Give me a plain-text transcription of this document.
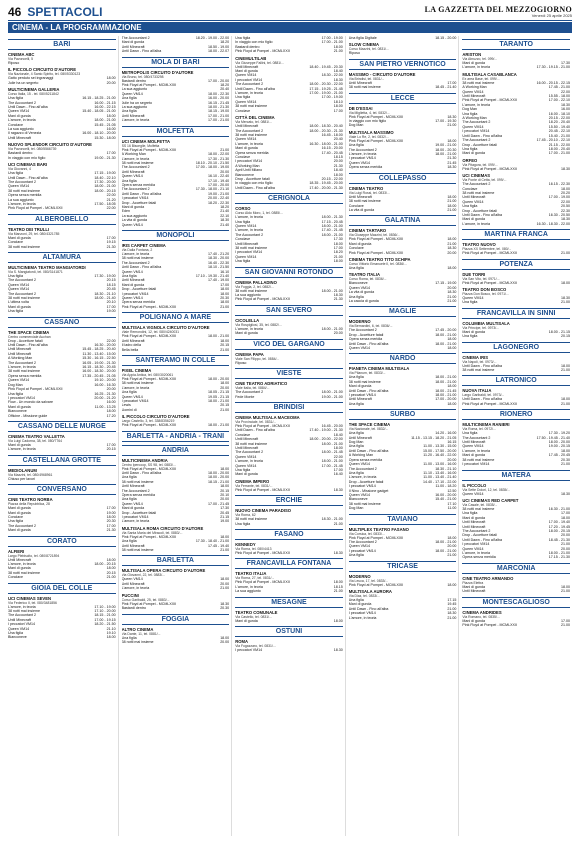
46 SPETTACOLI	LA GAZZETTA DEL MEZZOGIORNO
Venerdì 25 aprile 2025
CINEMA - LA PROGRAMMAZIONE
BARI
CINEMA ABC
Via Pavoncelli, 5
Riposo
IL PICCOLO CIRCUITO D'AUTORE
Via Nazionale, 4 Santo Spirito, tel. 080/5330123
Gatto perduto sei ingranaggi	18.00
Julie ha un segreto	20.00
MULTICINEMA GALLERIA
Corso Italia, 15 - tel. 080/5211842
Una figlia	16.15 - 18.25 - 21.00
The Accountant 2	16.00 - 21.15
Until Dawn - Fino all'alba	16.00 - 22.15
Queen VM14	15.40 - 18.05 - 21.00
Mani di gunda	18.00
L'amore, in teoria	18.00 - 21.00
Conclave	15.45 - 21.05
La sua aggiunto	16.00
Il ragazzo di Venezia	16.00 - 18.10 - 20.00
Until Minecraft	15.30 - 18.00
NUOVO SPLENDOR CIRCUITO D'AUTORE
Via Pavoncelli, tel. 080/5566739
Bastardi dentro	17.00
In viaggio con mio figlio	19.00 - 21.30
UCI CINEMAS BARI
Via Giovanni, 4
Una figlia	17.15 - 19.00
Until Dawn - Fino all'alba	18.40 - 22.10
The Accountant 2	17.30 - 20.00
Queen VM14	18.00 - 21.00
38 notti mai insieme	18.00 - 20.15
Opera senza meridia	22.00
La sua aggiunto	21.20
L'amore, in teoria	17.50 - 18.05
Pink Floyd at Pompei - MCMLXXII	22.00
ALBEROBELLO
TEATRO DEI TRULLI
Via Manzoni, 29, tel. 080/4321785
Mani di gunda	17.00
Conclave	19.15
38 notti mai insieme	21.30
ALTAMURA
MULTICINEMA TEATRO MANGIATORDI
Via S. Mangiatordi, tel. 080/3141871
Una figlia	17.30 - 19.00
The Accountant 2	20.15
Queen VM14	18.15
Queen VM14	20.45
The Accountant 2	18.30 - 21.10
38 notti mai insieme	18.00 - 21.40
L'ultima volta	20.10
Mani di gunda	17.00
Una figlia	19.00
CASSANO
THE SPACE CINEMA
Centro commerciale Auchan
Drop - Accetture fatali	22.00
Until Dawn - Fino all'alba	16.30 - 20.00
Until Minecraft	15.45 - 18.25 - 20.40
Until Minecraft	11.30 - 13.40 - 15.00
A Working Man	15.30 - 16.15 - 22.50
The Accountant 2	16.05 - 19.00 - 21.30
L'amore, in teoria	16.15 - 18.30 - 20.45
38 notti mai insieme	16.00 - 18.30 - 20.00
Opera senza meridia	17.35 - 20.45 - 21.05
Queen VM14	19.10 - 20.00
Dog Man	16.00 - 16.30
Pink Floyd at Pompei - MCMLXXII	20.00
Una figlia	16.25 - 21.30
I peccatori VM14	20.00 - 21.20
Flow - Un mondo da salvare	16.00
Mani di gunda	11.00 - 13.25
Bianconeve	18.00
Officine - Missione guide	17.20
CASSANO DELLE MURGE
CINEMA TEATRO VALLETTA
Via Luigi Cadorna, 38, tel. 080/7764
Mani di gunda	17.00
L'amore, in teoria	20.15
CASTELLANA GROTTE
MEDIOLANUM
Via Mazzini, tel. 080/4968961
Chiuso per lavori
CONVERSANO
CINE TEATRO NORBA
Piazza della Repubblica, 28
Mani di gunda	17.00
Mani di gunda	19.00
Conclave	18.00
Una figlia	20.30
The Accountant 2	17.00
Mani di gunda	21.30
CORATO
ALFIERI
Largo Plebiscito, tel. 080/8721894
Until Minecraft	18.00
L'amore, in teoria	18.00 - 20.15
Mani di gunda	18.00
38 notti mai insieme	20.15
Conclave	21.00
GIOIA DEL COLLE
UCI CINEMAS SEVEN
Via Federico II, tel. 080/3481856
L'amore, in teoria	17.10 - 19.00
38 notti mai insieme	17.10 - 20.00
The Accountant 2	18.15 - 21.00
Until Minecraft	17.00 - 19.15
I peccatori VM14	18.20 - 21.50
Queen VM14	21.10
Una figlia	19.10
Bianconeve	18.00
The Accountant 2	18.20 - 19.00 - 22.00
Mani di gunda	18.20
Until Minecraft	18.50 - 19.00
Until Dawn - Fino all'alba	18.00 - 22.07
MOLA DI BARI
METROPOLIS CIRCUITO D'AUTORE
Via Bruno, tel. 080/4733298
Bastardi dentro	17.00 - 20.00
Pink Floyd at Pompei - MCMLXXII	18.20
La sua aggiunto	20.40
Queen VM14	18.00 - 22.30
Una figlia	16.00 - 20.00
Julie ha un segreto	16.15 - 21.45
La sua aggiunto	18.00 - 21.30
Una figlia	18.15 - 19.00
Until Minecraft	17.00 - 21.00
L'amore, in teoria	17.00 - 21.00
MOLFETTA
UCI CINEMA MOLFETTA
SS 16 Bisceglie, Molfetta
Pink Floyd at Pompei - MCMLXXII	21.00
A Working Man	18.00 - 22.00
L'amore, in teoria	17.30 - 21.30
38 notti mai insieme	18.10 - 20.10 - 21.50
The Accountant 2	17.00 - 18.00 - 19.00
Until Minecraft	20.00
Queen VM14	16.10 - 22.40
Una figlia	17.10 - 19.40
Opera senza meridia	17.00 - 20.00
The Accountant 2	17.30 - 18.00 - 21.10
Until Dawn - Fino all'alba	19.00 - 21.00
I peccatori VM14	20.00 - 22.40
Drop - Accetture fatali	18.20 - 22.30
Mani di gunda	18.20
Eden	21.40
La sua aggiunto	22.10
La vita di gunda	18.30
Queen VM14	21.40
MONOPOLI
IRIS CARPET CINEMA
Via Dalla Fontana, 2
L'amore, in teoria	17.40 - 21.20
38 notti mai insieme	18.30 - 20.00
The Accountant 2	16.40 - 22.30
Until Dawn - Fino all'alba	18.10 - 21.50
Queen VM14	16.10
Una figlia	17.10 - 19.30 - 21.40
Until Minecraft	17.40 - 19.00
Mani di gunda	17.00
Drop - Accetture fatali	18.00
I peccatori VM14	18.00
Queen VM14	20.30
Opera senza meridia	18.00
Pink Floyd at Pompei - MCMLXXII	21.00
POLIGNANO A MARE
MULTISALA VIGNOLA CIRCUITO D'AUTORE
Viale Remondini, 12, tel. 080/4240031
Pink Floyd at Pompei - MCMLXXII	18.00 - 21.00
Until Minecraft	18.00
Il ladro della	20.15
Bella bella	21.00
SANTERAMO IN COLLE
PIXEL CINEMA
Via Appia Antica, tel. 080/3020061
Pink Floyd at Pompei - MCMLXXII	18.00 - 20.00
38 notti mai insieme	18.00
L'amore, in teoria	20.00
Una figlia	18.05 - 21.15
Queen VM14	19.05 - 21.15
I peccatori VM14	18.00 - 21.00
Lewis	20.15
Uomini di	21.00
IL PICCOLO CIRCUITO D'AUTORE
Largo Castello, 3, tel. 338/8356219
Pink Floyd at Pompei - MCMLXXII	18.00 - 21.00
BARLETTA - ANDRIA - TRANI
ANDRIA
MULTICINEMA ANDRIA
Centro Ipercoop, SS 98, tel. 0883/...
Pink Floyd at Pompei - MCMLXXII	18.00
Until Dawn - Fino all'alba	18.00 - 20.00
Una figlia	18.00 - 20.00
38 notti mai insieme	18.15 - 21.00
Until Minecraft	18.00
The Accountant 2	20.15
Opera senza meridia	20.10
Una figlia	20.00
Queen VM14	17.00 - 21.45
Mani di gunda	17.30
Drop - Accetture fatali	20.45
I peccatori VM14	21.15
L'amore, in teoria	19.00
MULTISALA ROMA CIRCUITO D'AUTORE
Via Santa Maria dei Miracoli, tel. 0883/...
Pink Floyd at Pompei - MCMLXXII	18.00
Una figlia	17.30 - 18.40 - 21.00
Until Minecraft	17.45 - 19.40
38 notti mai insieme	21.00
BARLETTA
MULTISALA OPERA CIRCUITO D'AUTORE
Via Giovanni, 22, tel. 0883/...
Queen VM14	18.00
Until Minecraft	20.00
L'amore, in teoria	21.00
PUCCINI
Corso Garibaldi, 25, tel. 0883/...
Pink Floyd at Pompei - MCMLXXII	18.30
Bastardi dentro	20.30
FOGGIA
ALTRO CINEMA
Via Dante, 11, tel. 0881/...
Una figlia	18.00
38 notti mai insieme	20.00
Una figlia	17.00 - 19.00
In viaggio con mio figlio	17.00 - 21.00
Bastardi dentro	18.00
Pink Floyd at Pompei - MCMLXXII	21.00
CINEMULTILAB
Via Giuseppe Fallini, tel. 0881/...
Until Minecraft	18.40 - 19.45 - 20.30
Mani di gunda	18.40
Queen VM14	18.30 - 22.00
I peccatori VM14	18.30
The Accountant 2	18.00 - 20.30 - 22.00
Until Dawn - Fino all'alba	17.15 - 19.25 - 21.45
L'amore, in teoria	17.00 - 19.00 - 21.00
Una figlia	17.00 - 19.00
Queen VM14	18.10
38 notti mai insieme	18.00
Conclave	17.00
CITTÀ DEL CINEMA
Via Mercato, tel. 0881/...
Until Minecraft	18.00 - 18.30 - 20.40
The Accountant 2	18.00 - 20.30 - 21.30
38 notti mai insieme	16.45 - 18.00
Queen VM14	20.40
L'amore, in teoria	16.30 - 18.00 - 21.00
Mani di gunda	16.15 - 20.00
Opera senza meridia	17.40 - 20.45
Conclave	18.15
I peccatori VM14	20.00
A Working Man	21.30
April Until Milano	18.40
Bianconeve	18.00
Drop - Accetture fatali	20.15 - 22.00
In viaggio con mio figlio	18.35 - 19.45 - 20.00
Until Dawn - Fino all'alba	17.40 - 20.00 - 21.30
CERIGNOLA
CORSO
Corso Aldo Moro, 1, tel. 0885/...
L'amore, in teoria	18.00 - 21.30
Una figlia	17.15 - 20.45
Queen VM14	18.00 - 21.00
L'amore, in teoria	17.40 - 21.45
The Accountant 2	18.00 - 21.00
Conclave	17.30
Until Minecraft	18.00
38 notti mai insieme	17.00
I peccatori VM14	18.20
Queen VM14	21.00
Una figlia	18.00
SAN GIOVANNI ROTONDO
CINEMA PALLADINO
Via Foggia, 2, tel. 0882/...
38 notti mai insieme	18.00 - 21.00
La sua aggiunto	18.30
Pink Floyd at Pompei - MCMLXXII	21.30
SAN SEVERO
CICOLELLA
Via Rospigliosi, 35, tel. 0882/...
L'amore, in teoria	18.00 - 21.00
Mani di gunda	20.00
VICO DEL GARGANO
CINEMA PAPA
Viale San Filippo, tel. 0884/...
Riposo
VIESTE
CINE TEATRO ADRIATICO
Viale Italia, tel. 0884/...
The Accountant 2	18.00 - 21.00
Fede Monte	19.00 - 21.00
BRINDISI
CINEMA MULTISALA MACEOMA
Via Provinciale, tel. 0831/...
Pink Floyd at Pompei - MCMLXXII	16.45 - 20.00
Until Dawn - Fino all'alba	17.40 - 19.00 - 21.30
Conclave	18.40
Until Minecraft	18.00 - 20.00 - 22.00
38 notti mai insieme	18.00 - 21.00
Until Minecraft	18.00
The Accountant 2	18.00 - 21.45
Queen VM14	22.00
L'amore, in teoria	18.00 - 21.00
Queen VM14	17.00 - 21.45
Una figlia	17.00
Mani di gunda	16.40
CINEMA IMPERO
Via Ferrante, tel. 0831/...
Pink Floyd at Pompei - MCMLXXII	18.30
ERCHIE
NUOVO CINEMA PARADISO
Via Roma, 62
38 notti mai insieme	18.30 - 21.00
Una figlia	21.00
FASANO
KENNEDY
Via Roma, tel. 080/4413
Pink Floyd at Pompei - MCMLXXII	18.30
FRANCAVILLA FONTANA
TEATRO ITALIA
Via Roma, 27, tel. 0831/...
Pink Floyd at Pompei - MCMLXXII	18.00
L'amore, in teoria	18.15
La sua aggiunto	21.00
MESAGNE
TEATRO COMUNALE
Via Castello, tel. 0831/...
Mani di gunda	18.00
OSTUNI
ROMA
Via Fogazzaro, tel. 0831/...
I peccatori VM14	18.30
Una figlia Digitale	18.15 - 20.00
SLOW CINEMA
Corso Mazzini, tel. 0831/...
Riposo
SAN PIETRO VERNOTICO
MASSIMO - CIRCUITO D'AUTORE
Via Brindisi, tel. 0831/...
Until Minecraft	17.00
38 notti mai insieme	18.45 - 21.40
LECCE
DB D'ESSAI
Via Miglietta, 4, tel. 0832/...
Pink Floyd at Pompei - MCMLXXII	18.30
In viaggio con mio figlio	17.00 - 19.30
Dog Man	21.00
MULTISALA MASSIMO
Viale Lo Re, 2, tel. 0832/...
Pink Floyd at Pompei - MCMLXXII	18.00
Una figlia	19.00 - 21.00
The Accountant 2	18.00 - 20.30
L'amore, in teoria	18.00 - 21.00
I peccatori VM14	21.30
Queen VM14	21.45
Opera senza meridia	18.30
COLLEPASSO
CINEMA TEATRO
Via Luigi Rossi, tel. 0833/...
Until Minecraft	18.00
38 notti mai insieme	21.00
Conclave	18.00
La vita di gunda	21.00
GALATINA
CINEMA TARTARO
Via Giuseppe Mazzini, tel. 0836/...
Pink Floyd at Pompei - MCMLXXII	18.00
Mani di gunda	21.00
Conclave	18.30
Pink Floyd at Pompei - MCMLXXII	20.00
CINEMA TEATRO TITO SCHIPA
Corso Vittorio Emanuele II, tel. 0836/...
Una figlia	18.00
TEATRO ITALIA
Corso Roma, tel. 0836/...
Bianconeve	17.15 - 19.00
Queen VM14	20.00
La vita di gunda	18.30
Una figlia	21.00
La caccia di gunda	21.00
MAGLIE
MODERNO
Via Bernardini, 6, tel. 0836/...
The Accountant 2	17.45 - 20.00
Drop - Accetture fatali	18.00 - 21.00
Opera senza meridia	18.00
Until Dawn - Fino all'alba	18.00 - 21.00
Queen VM14	18.00
NARDÒ
PIANETA CINEMA MULTISALA
Via Pilanum, tel. 0833/...
Una figlia	18.00 - 21.00
38 notti mai insieme	18.00 - 21.00
Mani di gunda	18.00
Until Dawn - Fino all'alba	18.00 - 21.45
I peccatori VM14	18.00 - 21.00
Until Minecraft	17.00 - 20.00
Una figlia	18.00
SURBO
THE SPACE CINEMA
Via Nazionale, tel. 0832/...
Una figlia	14.20 - 16.00
Until Minecraft	11.15 - 13.15 - 18.20 - 21.05
Dog Man	16.15
Una figlia	11.00 - 13.30 - 15.00
Until Dawn - Fino all'alba	15.00 - 17.50 - 20.00
A Working Man	11.20 - 16.40 - 22.00
Opera senza meridia	20.00
Queen VM14	11.00 - 13.00 - 16.00
The Accountant 2	18.30 - 21.10
Una figlia	11.10 - 13.40 - 16.00
L'amore, in teoria	11.00 - 13.40 - 21.40
Drop - Accetture fatali	14.40 - 17.10 - 22.00
I peccatori VM14	11.00 - 18.20
Il Nino - Missione gadget	12.50
Queen VM14	16.00 - 20.00
Bianconeve	15.40 - 21.00
38 notti mai insieme	17.10
Dog Man	11.00
TAVIANO
MULTIPLEX TEATRO FASANO
Via Corsica, tel. 0833/...
Pink Floyd at Pompei - MCMLXXII	18.00
The Accountant 2	18.00 - 21.00
Queen VM14	20.00
I peccatori VM14	18.00 - 21.00
Una figlia	21.00
TRICASE
MODERNO
Via Leuca, 17, tel. 0833/...
Pink Floyd at Pompei - MCMLXXII	18.00
MULTISALA AURORA
Via Diaz, tel. 0833/...
Una figlia	17.15
Mani di gunda	19.45
Until Dawn - Fino all'alba	21.00
I peccatori VM14	18.30
L'amore, in teoria	21.00
TARANTO
ARISTON
Via Abruzzo, tel. 099/...
Mani di gunda	17.30
L'amore, in teoria	17.30 - 19.15 - 21.00
MULTISALA CASABLANCA
Ex area Base, tel. 099/...
38 notti mai insieme	16.00 - 20.15 - 22.15
A Working Man	17.45 - 21.00
Queen VM14	22.00
Until Minecraft	15.55 - 18.00
Pink Floyd at Pompei - MCMLXXII	17.00 - 22.10
L'amore, in teoria	18.30
Dog Man	16.00
Una figlia	16.00 - 18.10
A Working Man	20.15 - 22.00
The Accountant 2	18.20 - 20.40
Queen VM14	15.50 - 19.40
I peccatori VM14	20.45 - 22.10
Until Dawn - Fino all'alba	15.40 - 21.00
The Accountant 2	17.45 - 20.10 - 22.10
Drop - Accetture fatali	21.15 - 22.00
Una figlia	18.00 - 20.40
Mani di gunda	17.00 - 21.00
ORFEO
Via Pitagora, tel. 099/...
Pink Floyd at Pompei - MCMLXXII	18.30
UCI CINEMAS
Via Ponte di Cetta, tel. 099/...
The Accountant 2	16.15 - 22.30
Conclave	18.00
38 notti mai insieme	20.20
Until Minecraft	17.00 - 19.00
Queen VM14	22.00
Una figlia	20.50
Drop - Accetture fatali	22.30
Until Dawn - Fino all'alba	16.30 - 20.50
Mani di gunda	18.30
L'amore, in teoria	16.30 - 18.30 - 22.00
MARTINA FRANCA
TEATRO NUOVO
Piazza XX Settembre, tel. 080/...
Pink Floyd at Pompei - MCMLXXII	21.00
POTENZA
DUE TORRI
Via San Vito, tel. 0971/...
Pink Floyd at Pompei - MCMLXXII	18.00
TEATRO DON BOSCO
Piazza Don Bosco, tel. 0971/...
Queen VM14	18.30
Una figlia	21.00
FRANCAVILLA IN SINNI
COLUMBIA MULTISALA
Via Principe, tel. 0973/...
Mani di gunda	18.00 - 21.15
Una figlia	20.15
LAGONEGRO
CINEMA IRIS
Via Napoli, tel. 0973/...
Until Dawn - Fino all'alba	18.00
38 notti mai insieme	21.00
LATRONICO
NUOVA ITALIA
Largo Garibaldi, tel. 0973/...
Until Dawn - Fino all'alba	18.00
Pink Floyd at Pompei - MCMLXXII	21.00
RIONERO
MULTICINEMA RANIERI
Via Roma, tel. 0972/...
Una figlia	17.30 - 19.20
The Accountant 2	17.50 - 19.45 - 21.40
Until Minecraft	18.00 - 20.00
Queen VM14	19.00 - 20.15
L'amore, in teoria	18.00
Mani di gunda	17.45 - 20.45
38 notti mai insieme	20.30
I peccatori VM14	21.00
MATERA
IL PICCOLO
Via Sette Dolori, 12, tel. 0835/...
Queen VM14	18.30
UCI CINEMAS RED CARPET
Via Casale, tel. 0835/...
38 notti mai insieme	16.30 - 21.00
Una figlia	17.00
Mani di gunda	18.00
Until Minecraft	17.00 - 19.40
Until Minecraft	17.20 - 19.45
The Accountant 2	18.00 - 20.15
Drop - Accetture fatali	20.00
Until Dawn - Fino all'alba	18.45 - 21.30
I peccatori VM14	21.00
Queen VM14	20.00
L'amore, in teoria	18.00 - 21.00
Opera senza meridia	17.15 - 21.30
MARCONIA
CINE TEATRO ARMANDO
Piazza Elettra
Mani di gunda	18.00
Until Minecraft	21.00
MONTESCAGLIOSO
CINEMA ANDRIDES
Via Romano, tel. 0835/...
Mani di gunda	17.00
Pink Floyd at Pompei - MCMLXXII	21.00
